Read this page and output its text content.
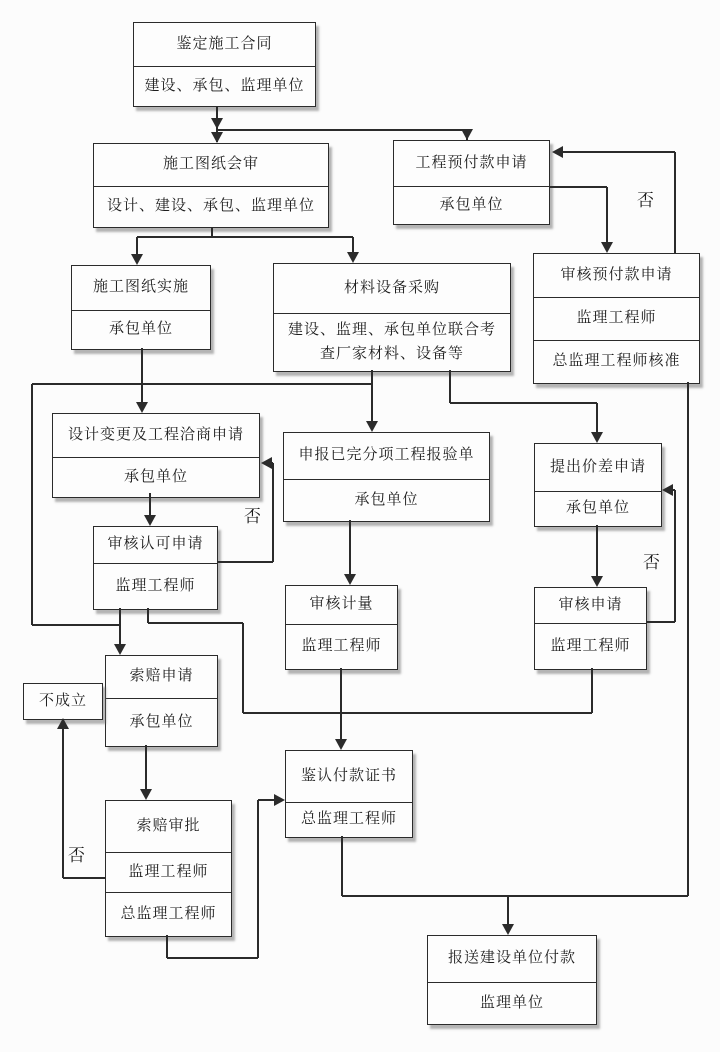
鉴定施工合同
建设、承包、监理单位
施工图纸会审
设计、建设、承包、监理单位
工程预付款申请
承包单位
施工图纸实施
承包单位
材料设备采购
建设、监理、承包单位联合考查厂家材料、设备等
审核预付款申请
监理工程师
总监理工程师核准
设计变更及工程洽商申请
承包单位
申报已完分项工程报验单
承包单位
提出价差申请
承包单位
审核认可申请
监理工程师
审核计量
监理工程师
审核申请
监理工程师
索赔申请
承包单位
不成立
索赔审批
监理工程师
总监理工程师
鉴认付款证书
总监理工程师
报送建设单位付款
监理单位
否
否
否
否
